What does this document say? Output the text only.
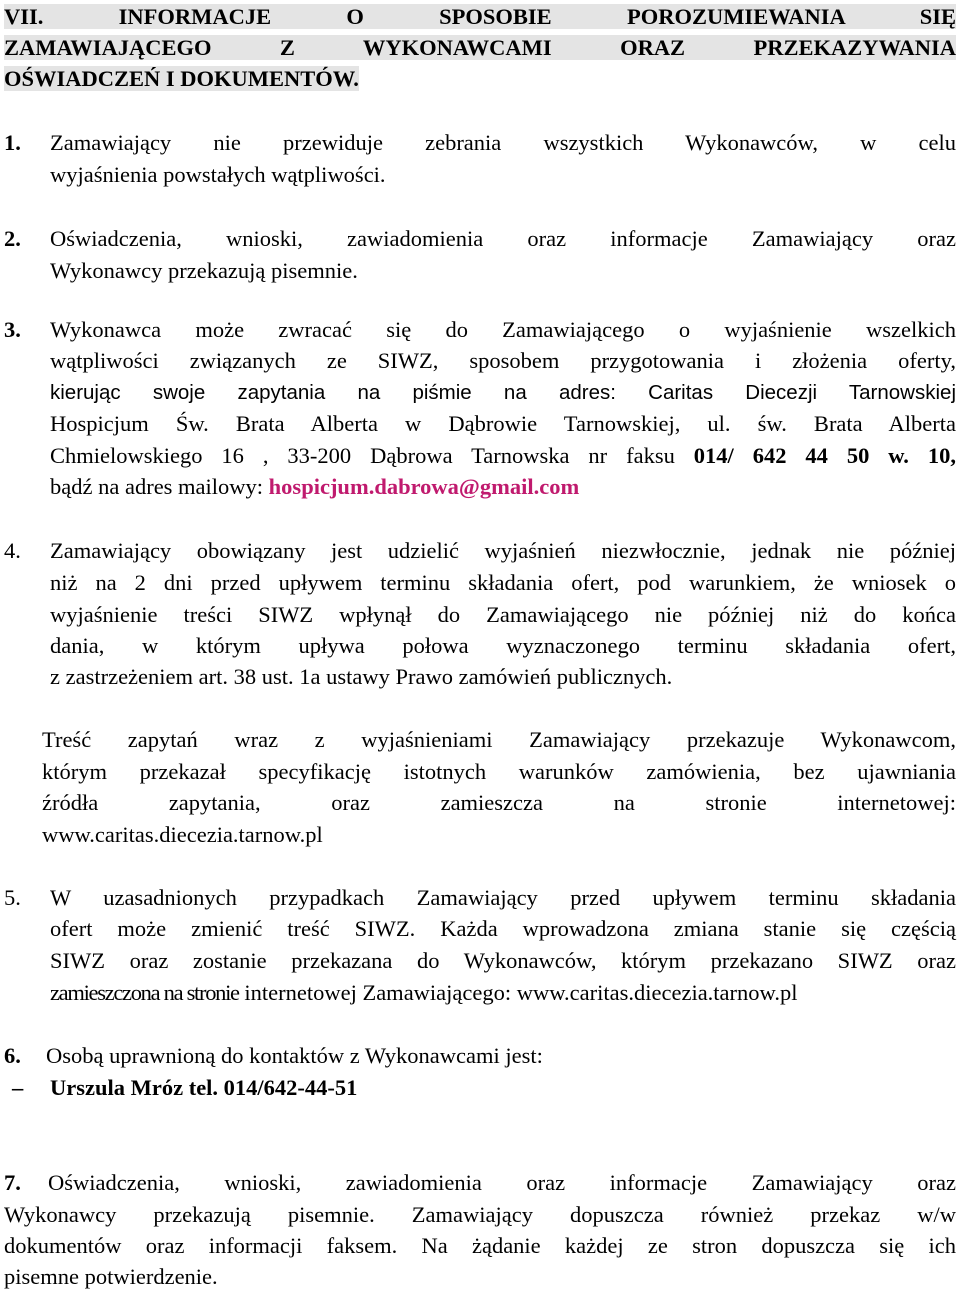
VII. INFORMACJE O SPOSOBIE POROZUMIEWANIA SIĘ
ZAMAWIAJĄCEGO Z WYKONAWCAMI ORAZ PRZEKAZYWANIA
OŚWIADCZEŃ I DOKUMENTÓW.
1. Zamawiający nie przewiduje zebrania wszystkich Wykonawców, w celu
wyjaśnienia powstałych wątpliwości.
2. Oświadczenia, wnioski, zawiadomienia oraz informacje Zamawiający oraz
Wykonawcy przekazują pisemnie.
3. Wykonawca może zwracać się do Zamawiającego o wyjaśnienie wszelkich
wątpliwości związanych ze SIWZ, sposobem przygotowania i złożenia oferty,
kierując swoje zapytania na piśmie na adres: Caritas Diecezji Tarnowskiej
Hospicjum Św. Brata Alberta w Dąbrowie Tarnowskiej, ul. św. Brata Alberta
Chmielowskiego 16 , 33-200 Dąbrowa Tarnowska nr faksu 014/ 642 44 50 w. 10,
bądź na adres mailowy: hospicjum.dabrowa@gmail.com
4. Zamawiający obowiązany jest udzielić wyjaśnień niezwłocznie, jednak nie później
niż na 2 dni przed upływem terminu składania ofert, pod warunkiem, że wniosek o
wyjaśnienie treści SIWZ wpłynął do Zamawiającego nie później niż do końca
dania, w którym upływa połowa wyznaczonego terminu składania ofert,
z zastrzeżeniem art. 38 ust. 1a ustawy Prawo zamówień publicznych.
Treść zapytań wraz z wyjaśnieniami Zamawiający przekazuje Wykonawcom,
którym przekazał specyfikację istotnych warunków zamówienia, bez ujawniania
źródła zapytania, oraz zamieszcza na stronie internetowej:
www.caritas.diecezia.tarnow.pl
5. W uzasadnionych przypadkach Zamawiający przed upływem terminu składania
ofert może zmienić treść SIWZ. Każda wprowadzona zmiana stanie się częścią
SIWZ oraz zostanie przekazana do Wykonawców, którym przekazano SIWZ oraz
zamieszczona na stronie internetowej Zamawiającego: www.caritas.diecezia.tarnow.pl
6. Osobą uprawnioną do kontaktów z Wykonawcami jest:
– Urszula Mróz tel. 014/642-44-51
7. Oświadczenia, wnioski, zawiadomienia oraz informacje Zamawiający oraz
Wykonawcy przekazują pisemnie. Zamawiający dopuszcza również przekaz w/w
dokumentów oraz informacji faksem. Na żądanie każdej ze stron dopuszcza się ich
pisemne potwierdzenie.
